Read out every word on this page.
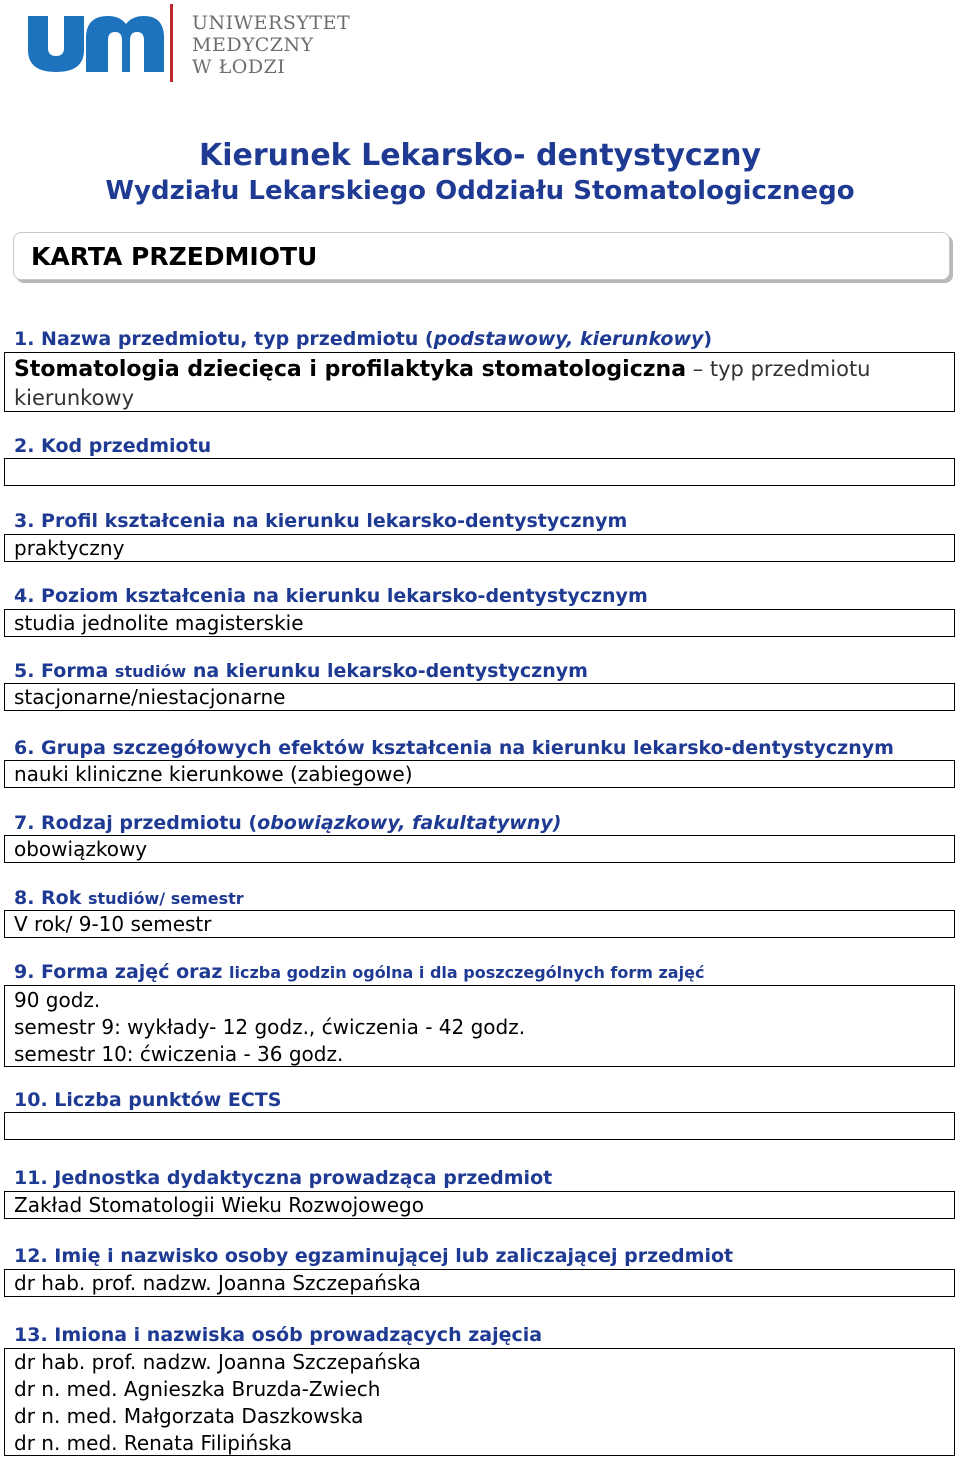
UNIWERSYTET
MEDYCZNY
W ŁODZI
Kierunek Lekarsko- dentystyczny
Wydziału Lekarskiego Oddziału Stomatologicznego
KARTA PRZEDMIOTU
1. Nazwa przedmiotu, typ przedmiotu (podstawowy, kierunkowy)
Stomatologia dziecięca i profilaktyka stomatologiczna – typ przedmiotu
kierunkowy
2. Kod przedmiotu
3. Profil kształcenia na kierunku lekarsko-dentystycznym
praktyczny
4. Poziom kształcenia na kierunku lekarsko-dentystycznym
studia jednolite magisterskie
5. Forma studiów na kierunku lekarsko-dentystycznym
stacjonarne/niestacjonarne
6. Grupa szczegółowych efektów kształcenia na kierunku lekarsko-dentystycznym
nauki kliniczne kierunkowe (zabiegowe)
7. Rodzaj przedmiotu (obowiązkowy, fakultatywny)
obowiązkowy
8. Rok studiów/ semestr
V rok/ 9-10 semestr
9. Forma zajęć oraz liczba godzin ogólna i dla poszczególnych form zajęć
90 godz.
semestr 9: wykłady- 12 godz., ćwiczenia - 42 godz.
semestr 10: ćwiczenia - 36 godz.
10. Liczba punktów ECTS
11. Jednostka dydaktyczna prowadząca przedmiot
Zakład Stomatologii Wieku Rozwojowego
12. Imię i nazwisko osoby egzaminującej lub zaliczającej przedmiot
dr hab. prof. nadzw. Joanna Szczepańska
13. Imiona i nazwiska osób prowadzących zajęcia
dr hab. prof. nadzw. Joanna Szczepańska
dr n. med. Agnieszka Bruzda-Zwiech
dr n. med. Małgorzata Daszkowska
dr n. med. Renata Filipińska
